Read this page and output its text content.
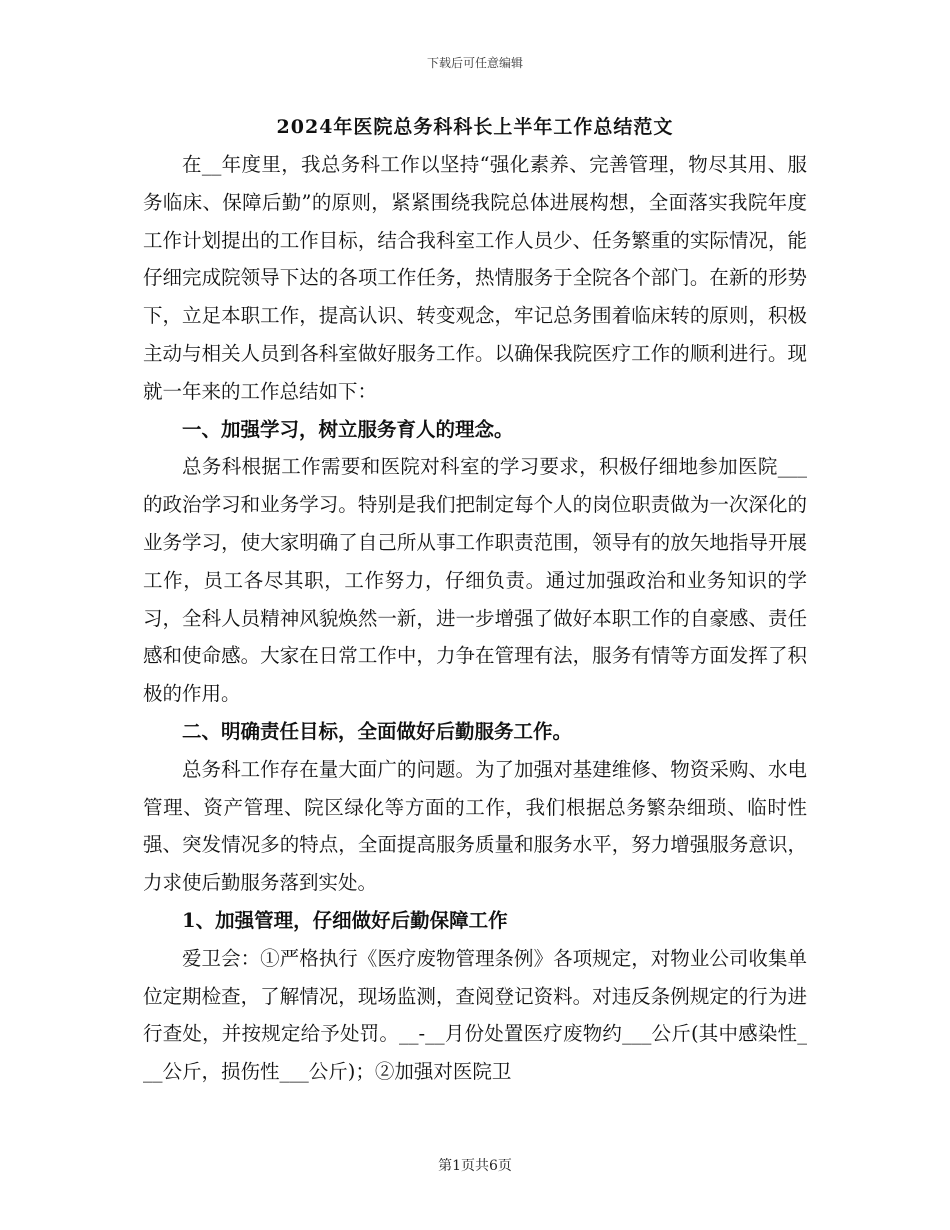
下载后可任意编辑
2024年医院总务科科长上半年工作总结范文

在__年度里，我总务科工作以坚持“强化素养、完善管理，物尽其用、服务临床、保障后勤”的原则，紧紧围绕我院总体进展构想，全面落实我院年度工作计划提出的工作目标，结合我科室工作人员少、任务繁重的实际情况，能仔细完成院领导下达的各项工作任务，热情服务于全院各个部门。在新的形势下，立足本职工作，提高认识、转变观念，牢记总务围着临床转的原则，积极主动与相关人员到各科室做好服务工作。以确保我院医疗工作的顺利进行。现就一年来的工作总结如下：

一、加强学习，树立服务育人的理念。

总务科根据工作需要和医院对科室的学习要求，积极仔细地参加医院___的政治学习和业务学习。特别是我们把制定每个人的岗位职责做为一次深化的业务学习，使大家明确了自己所从事工作职责范围，领导有的放矢地指导开展工作，员工各尽其职，工作努力，仔细负责。通过加强政治和业务知识的学习，全科人员精神风貌焕然一新，进一步增强了做好本职工作的自豪感、责任感和使命感。大家在日常工作中，力争在管理有法，服务有情等方面发挥了积极的作用。

二、明确责任目标，全面做好后勤服务工作。

总务科工作存在量大面广的问题。为了加强对基建维修、物资采购、水电管理、资产管理、院区绿化等方面的工作，我们根据总务繁杂细琐、临时性强、突发情况多的特点，全面提高服务质量和服务水平，努力增强服务意识，力求使后勤服务落到实处。

1、加强管理，仔细做好后勤保障工作

爱卫会：①严格执行《医疗废物管理条例》各项规定，对物业公司收集单位定期检查，了解情况，现场监测，查阅登记资料。对违反条例规定的行为进行查处，并按规定给予处罚。__-__月份处置医疗废物约___公斤(其中感染性___公斤，损伤性___公斤)；②加强对医院卫

第1页共6页
